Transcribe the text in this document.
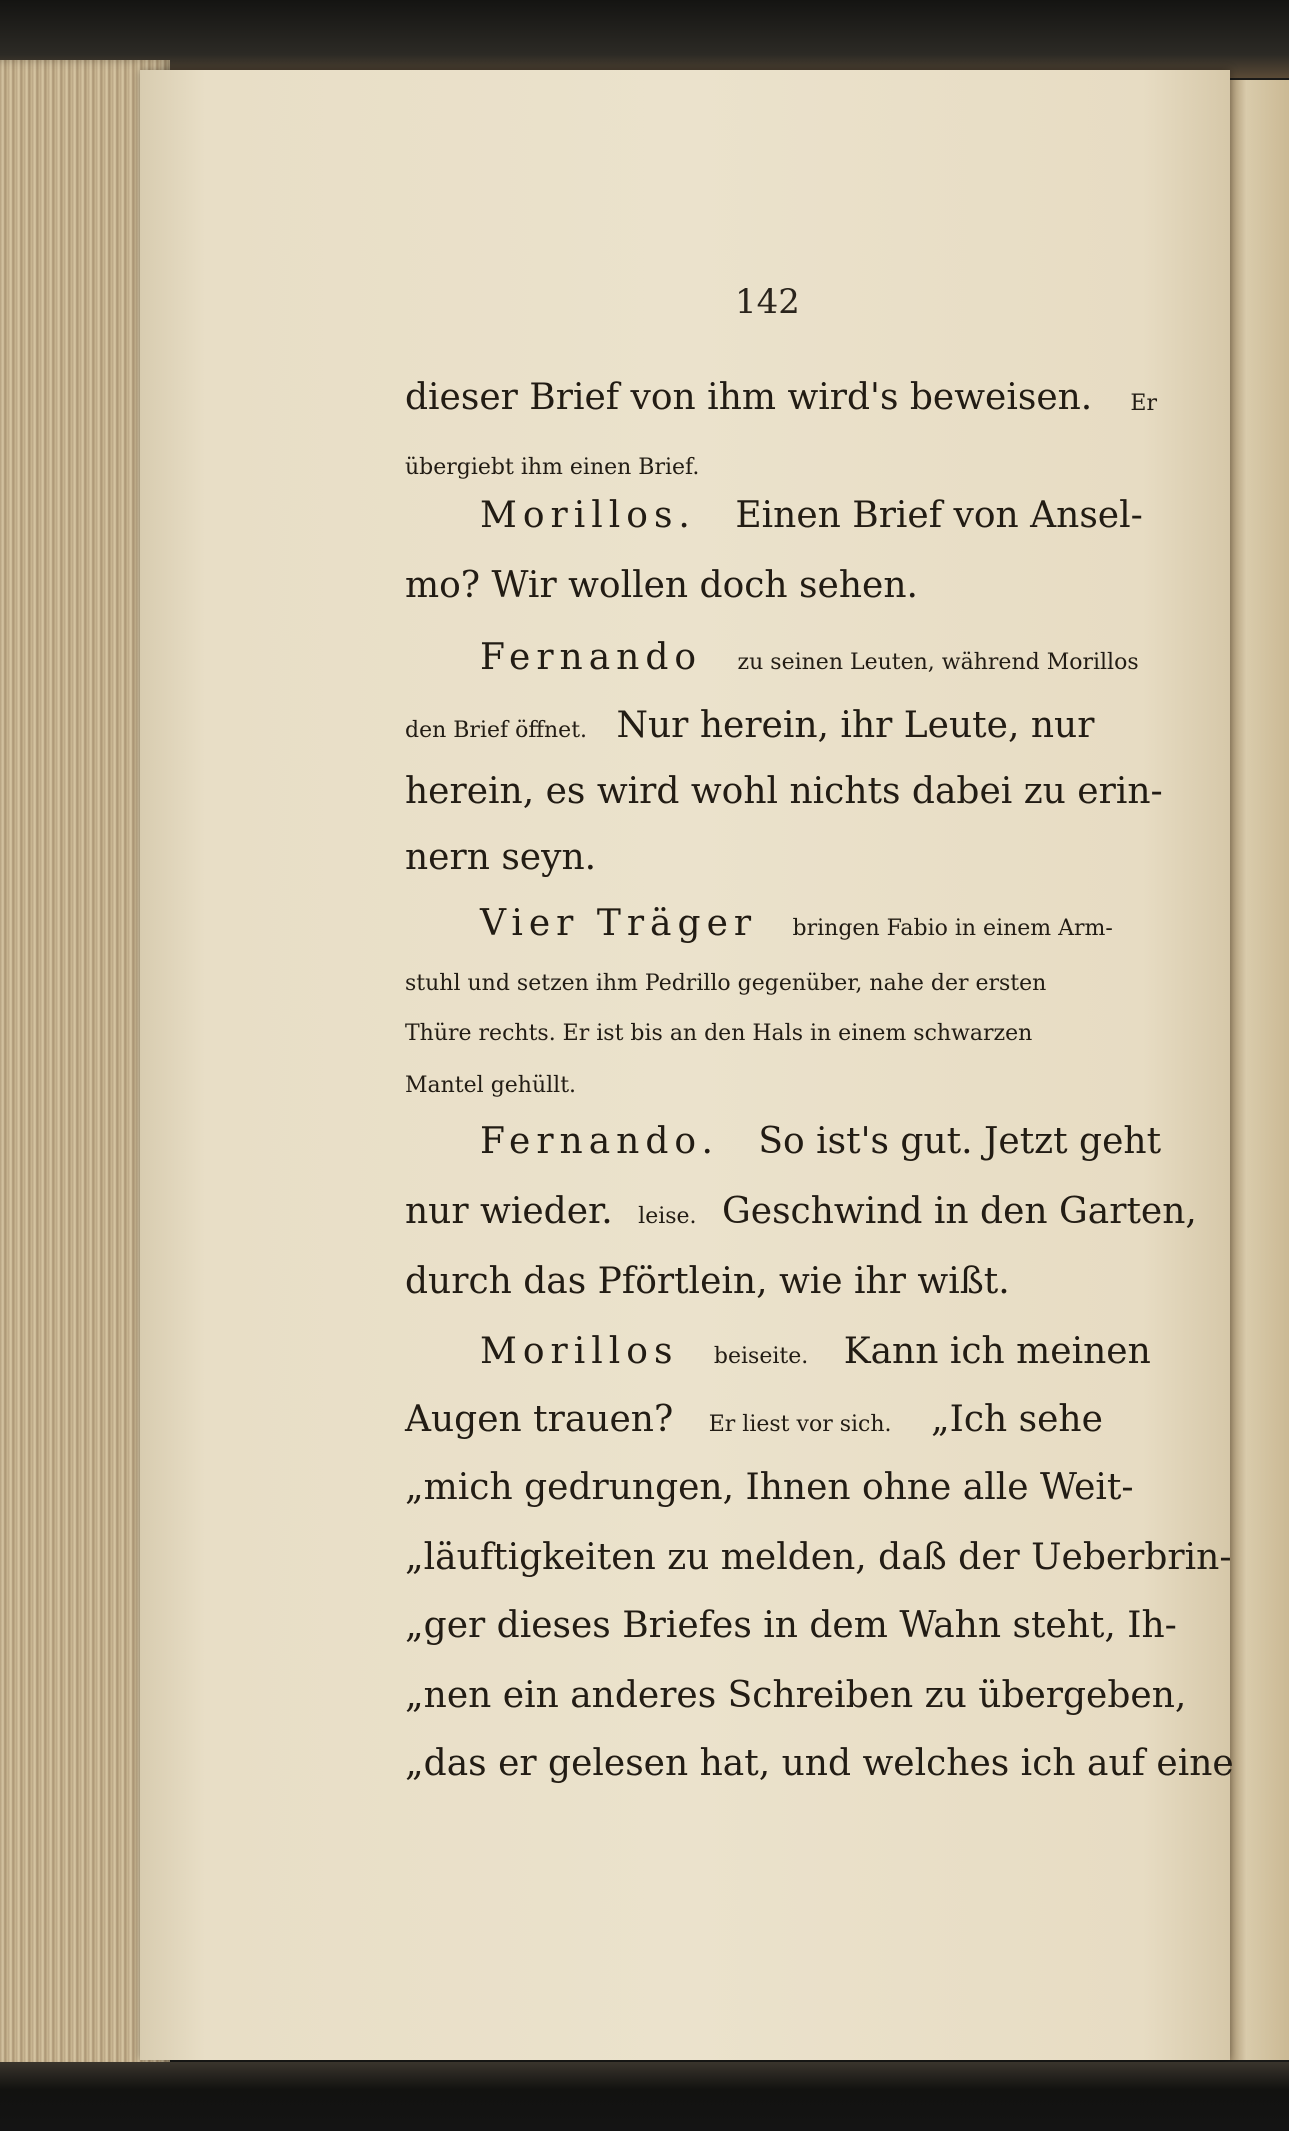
142
dieser Brief von ihm wird's beweisen. Er
übergiebt ihm einen Brief.
Morillos. Einen Brief von Ansel-
mo? Wir wollen doch sehen.
Fernando zu seinen Leuten, während Morillos
den Brief öffnet. Nur herein, ihr Leute, nur
herein, es wird wohl nichts dabei zu erin-
nern seyn.
Vier Träger bringen Fabio in einem Arm-
stuhl und setzen ihm Pedrillo gegenüber, nahe der ersten
Thüre rechts. Er ist bis an den Hals in einem schwarzen
Mantel gehüllt.
Fernando. So ist's gut. Jetzt geht
nur wieder. leise. Geschwind in den Garten,
durch das Pförtlein, wie ihr wißt.
Morillos beiseite. Kann ich meinen
Augen trauen? Er liest vor sich. „Ich sehe
„mich gedrungen, Ihnen ohne alle Weit-
„läuftigkeiten zu melden, daß der Ueberbrin-
„ger dieses Briefes in dem Wahn steht, Ih-
„nen ein anderes Schreiben zu übergeben,
„das er gelesen hat, und welches ich auf eine
